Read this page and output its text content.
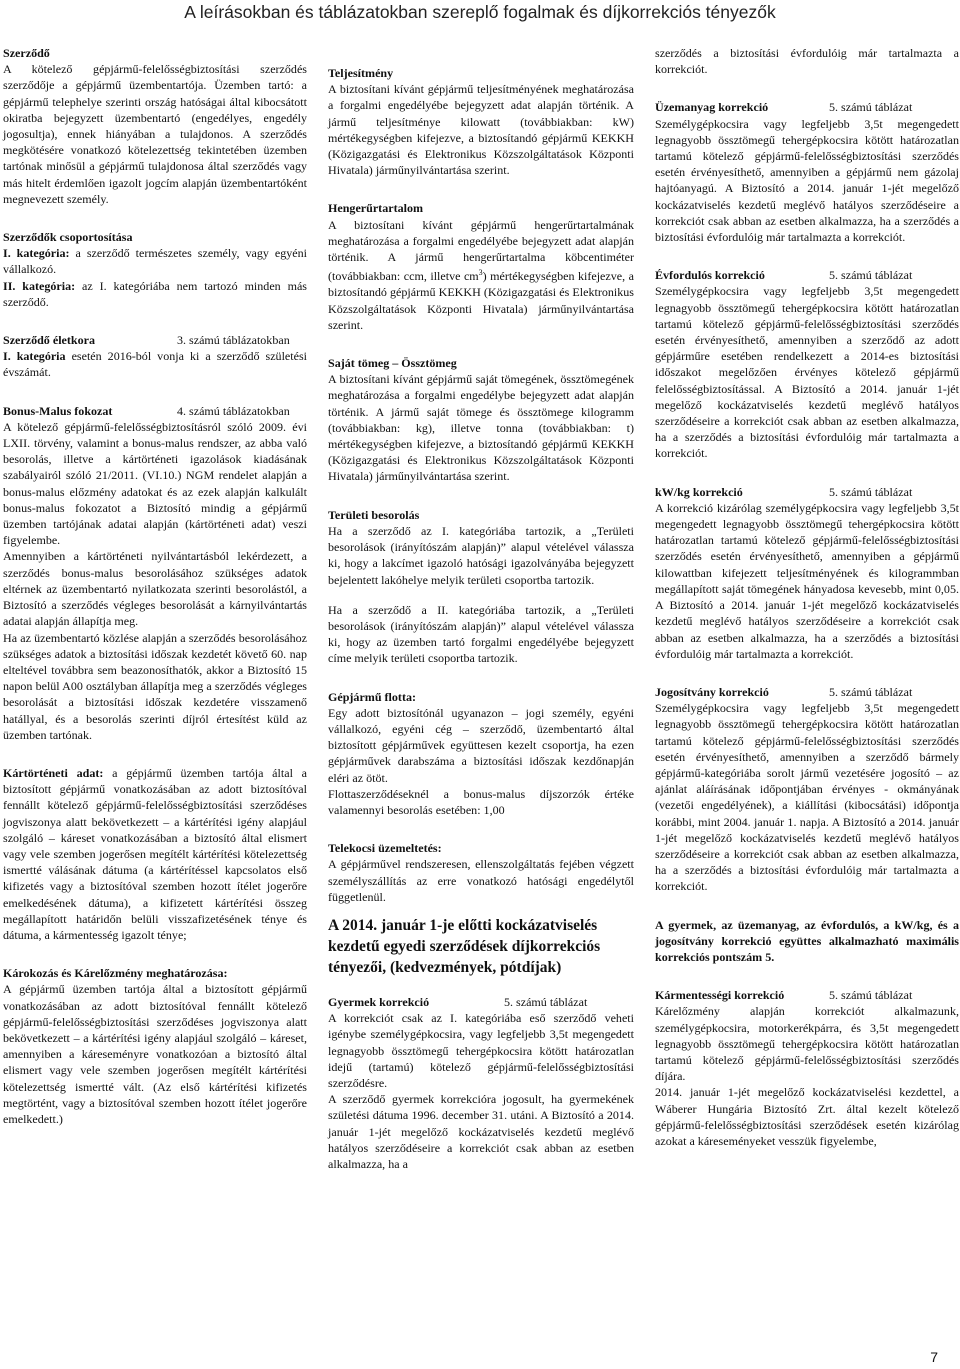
A leírásokban és táblázatokban szereplő fogalmak és díjkorrekciós tényezők

Szerződő

A kötelező gépjármű-felelősségbiztosítási szerződés szerződője a gépjármű üzembentartója. Üzemben tartó: a gépjármű telephelye szerinti ország hatóságai által kibocsátott okiratba bejegyzett üzembentartó (engedélyes, engedély jogosultja), ennek hiányában a tulajdonos. A szerződés megkötésére vonatkozó kötelezettség tekintetében üzemben tartónak minősül a gépjármű tulajdonosa által szerződés vagy más hitelt érdemlően igazolt jogcím alapján üzembentartóként megnevezett személy.

Szerződők csoportosítása

I. kategória: a szerződő természetes személy, vagy egyéni vállalkozó.

II. kategória: az I. kategóriába nem tartozó minden más szerződő.

Szerződő életkora	3. számú táblázatokban

I. kategória esetén 2016-ból vonja ki a szerződő születési évszámát.

Bonus-Malus fokozat	4. számú táblázatokban

A kötelező gépjármű-felelősségbiztosításról szóló 2009. évi LXII. törvény, valamint a bonus-malus rendszer, az abba való besorolás, illetve a kártörténeti igazolások kiadásának szabályairól szóló 21/2011. (VI.10.) NGM rendelet alapján a bonus-malus előzmény adatokat és az ezek alapján kalkulált bonus-malus fokozatot a Biztosító mindig a gépjármű üzemben tartójának adatai alapján (kártörténeti adat) veszi figyelembe.

Amennyiben a kártörténeti nyilvántartásból lekérdezett, a szerződés bonus-malus besorolásához szükséges adatok eltérnek az üzembentartó nyilatkozata szerinti besorolástól, a Biztosító a szerződés végleges besorolását a kárnyilvántartás adatai alapján állapítja meg.

Ha az üzembentartó közlése alapján a szerződés besorolásához szükséges adatok a biztosítási időszak kezdetét követő 60. nap elteltével továbbra sem beazonosíthatók, akkor a Biztosító 15 napon belül A00 osztályban állapítja meg a szerződés végleges besorolását a biztosítási időszak kezdetére visszamenő hatállyal, és a besorolás szerinti díjról értesítést küld az üzemben tartónak.

Kártörténeti adat: a gépjármű üzemben tartója által a biztosított gépjármű vonatkozásában az adott biztosítóval fennállt kötelező gépjármű-felelősségbiztosítási szerződéses jogviszonya alatt bekövetkezett – a kártérítési igény alapjául szolgáló – káreset vonatkozásában a biztosító által elismert vagy vele szemben jogerősen megítélt kártérítési kötelezettség ismertté válásának dátuma (a kártérítéssel kapcsolatos első kifizetés vagy a biztosítóval szemben hozott ítélet jogerőre emelkedésének dátuma), a kifizetett kártérítési összeg megállapított határidőn belüli visszafizetésének ténye és dátuma, a kármentesség igazolt ténye;

Károkozás és Kárelőzmény meghatározása:

A gépjármű üzemben tartója által a biztosított gépjármű vonatkozásában az adott biztosítóval fennállt kötelező gépjármű-felelősségbiztosítási szerződéses jogviszonya alatt bekövetkezett – a kártérítési igény alapjául szolgáló – káreset, amennyiben a káreseményre vonatkozóan a biztosító által elismert vagy vele szemben jogerősen megítélt kártérítési kötelezettség ismertté vált. (Az első kártérítési kifizetés megtörtént, vagy a biztosítóval szemben hozott ítélet jogerőre emelkedett.)

Teljesítmény

A biztosítani kívánt gépjármű teljesítményének meghatározása a forgalmi engedélyébe bejegyzett adat alapján történik. A jármű teljesítménye kilowatt (továbbiakban: kW) mértékegységben kifejezve, a biztosítandó gépjármű KEKKH (Közigazgatási és Elektronikus Közszolgáltatások Központi Hivatala) járműnyilvántartása szerint.

Hengerűrtartalom

A biztosítani kívánt gépjármű hengerűrtartalmának meghatározása a forgalmi engedélyébe bejegyzett adat alapján történik. A jármű hengerűrtartalma köbcentiméter (továbbiakban: ccm, illetve $cm^3$) mértékegységben kifejezve, a biztosítandó gépjármű KEKKH (Közigazgatási és Elektronikus Közszolgáltatások Központi Hivatala) járműnyilvántartása szerint.

Saját tömeg – Össztömeg

A biztosítani kívánt gépjármű saját tömegének, össztömegének meghatározása a forgalmi engedélybe bejegyzett adat alapján történik. A jármű saját tömege és össztömege kilogramm (továbbiakban: kg), illetve tonna (továbbiakban: t) mértékegységben kifejezve, a biztosítandó gépjármű KEKKH (Közigazgatási és Elektronikus Közszolgáltatások Központi Hivatala) járműnyilvántartása szerint.

Területi besorolás

Ha a szerződő az I. kategóriába tartozik, a „Területi besorolások (irányítószám alapján)” alapul vételével válassza ki, hogy a lakcímet igazoló hatósági igazolványába bejegyzett bejelentett lakóhelye melyik területi csoportba tartozik.

Ha a szerződő a II. kategóriába tartozik, a „Területi besorolások (irányítószám alapján)” alapul vételével válassza ki, hogy az üzemben tartó forgalmi engedélyébe bejegyzett címe melyik területi csoportba tartozik.

Gépjármű flotta:

Egy adott biztosítónál ugyanazon – jogi személy, egyéni vállalkozó, egyéni cég – szerződő, üzembentartó által biztosított gépjárművek együttesen kezelt csoportja, ha ezen gépjárművek darabszáma a biztosítási időszak kezdőnapján eléri az ötöt.

Flottaszerződéseknél a bonus-malus díjszorzók értéke valamennyi besorolás esetében: 1,00

Telekocsi üzemeltetés:

A gépjárművel rendszeresen, ellenszolgáltatás fejében végzett személyszállítás az erre vonatkozó hatósági engedélytől függetlenül.

A 2014. január 1-je előtti kockázatviselés kezdetű egyedi szerződések díjkorrekciós tényezői, (kedvezmények, pótdíjak)

Gyermek korrekció	5. számú táblázat

A korrekciót csak az I. kategóriába eső szerződő veheti igénybe személygépkocsira, vagy legfeljebb 3,5t megengedett legnagyobb össztömegű tehergépkocsira kötött határozatlan idejű (tartamú) kötelező gépjármű-felelősségbiztosítási szerződésre.

A szerződő gyermek korrekcióra jogosult, ha gyermekének születési dátuma 1996. december 31. utáni. A Biztosító a 2014. január 1-jét megelőző kockázatviselés kezdetű meglévő hatályos szerződéseire a korrekciót csak abban az esetben alkalmazza, ha a

szerződés a biztosítási évfordulóig már tartalmazta a korrekciót.

Üzemanyag korrekció	5. számú táblázat

Személygépkocsira vagy legfeljebb 3,5t megengedett legnagyobb össztömegű tehergépkocsira kötött határozatlan tartamú kötelező gépjármű-felelősségbiztosítási szerződés esetén érvényesíthető, amennyiben a gépjármű nem gázolaj hajtóanyagú. A Biztosító a 2014. január 1-jét megelőző kockázatviselés kezdetű meglévő hatályos szerződéseire a korrekciót csak abban az esetben alkalmazza, ha a szerződés a biztosítási évfordulóig már tartalmazta a korrekciót.

Évfordulós korrekció	5. számú táblázat

Személygépkocsira vagy legfeljebb 3,5t megengedett legnagyobb össztömegű tehergépkocsira kötött határozatlan tartamú kötelező gépjármű-felelősségbiztosítási szerződés esetén érvényesíthető, amennyiben a szerződő az adott gépjárműre esetében rendelkezett a 2014-es biztosítási időszakot megelőzően érvényes kötelező gépjármű felelősségbiztosítással. A Biztosító a 2014. január 1-jét megelőző kockázatviselés kezdetű meglévő hatályos szerződéseire a korrekciót csak abban az esetben alkalmazza, ha a szerződés a biztosítási évfordulóig már tartalmazta a korrekciót.

kW/kg korrekció	5. számú táblázat

A korrekció kizárólag személygépkocsira vagy legfeljebb 3,5t megengedett legnagyobb össztömegű tehergépkocsira kötött határozatlan tartamú kötelező gépjármű-felelősségbiztosítási szerződés esetén érvényesíthető, amennyiben a gépjármű kilowattban kifejezett teljesítményének és kilogrammban megállapított saját tömegének hányadosa kevesebb, mint 0,05. A Biztosító a 2014. január 1-jét megelőző kockázatviselés kezdetű meglévő hatályos szerződéseire a korrekciót csak abban az esetben alkalmazza, ha a szerződés a biztosítási évfordulóig már tartalmazta a korrekciót.

Jogosítvány korrekció	5. számú táblázat

Személygépkocsira vagy legfeljebb 3,5t megengedett legnagyobb össztömegű tehergépkocsira kötött határozatlan tartamú kötelező gépjármű-felelősségbiztosítási szerződés esetén érvényesíthető, amennyiben a szerződő bármely gépjármű-kategóriába sorolt jármű vezetésére jogosító – az ajánlat aláírásának időpontjában érvényes - okmányának (vezetői engedélyének), a kiállítási (kibocsátási) időpontja korábbi, mint 2004. január 1. napja. A Biztosító a 2014. január 1-jét megelőző kockázatviselés kezdetű meglévő hatályos szerződéseire a korrekciót csak abban az esetben alkalmazza, ha a szerződés a biztosítási évfordulóig már tartalmazta a korrekciót.

A gyermek, az üzemanyag, az évfordulós, a kW/kg, és a jogosítvány korrekció együttes alkalmazható maximális korrekciós pontszám 5.

Kármentességi korrekció	5. számú táblázat

Kárelőzmény alapján korrekciót alkalmazunk, személygépkocsira, motorkerékpárra, és 3,5t megengedett legnagyobb össztömegű tehergépkocsira kötött határozatlan tartamú kötelező gépjármű-felelősségbiztosítási szerződés díjára.

2014. január 1-jét megelőző kockázatviselési kezdettel, a Wáberer Hungária Biztosító Zrt. által kezelt kötelező gépjármű-felelősségbiztosítási szerződések esetén kizárólag azokat a káreseményeket vesszük figyelembe,

7
